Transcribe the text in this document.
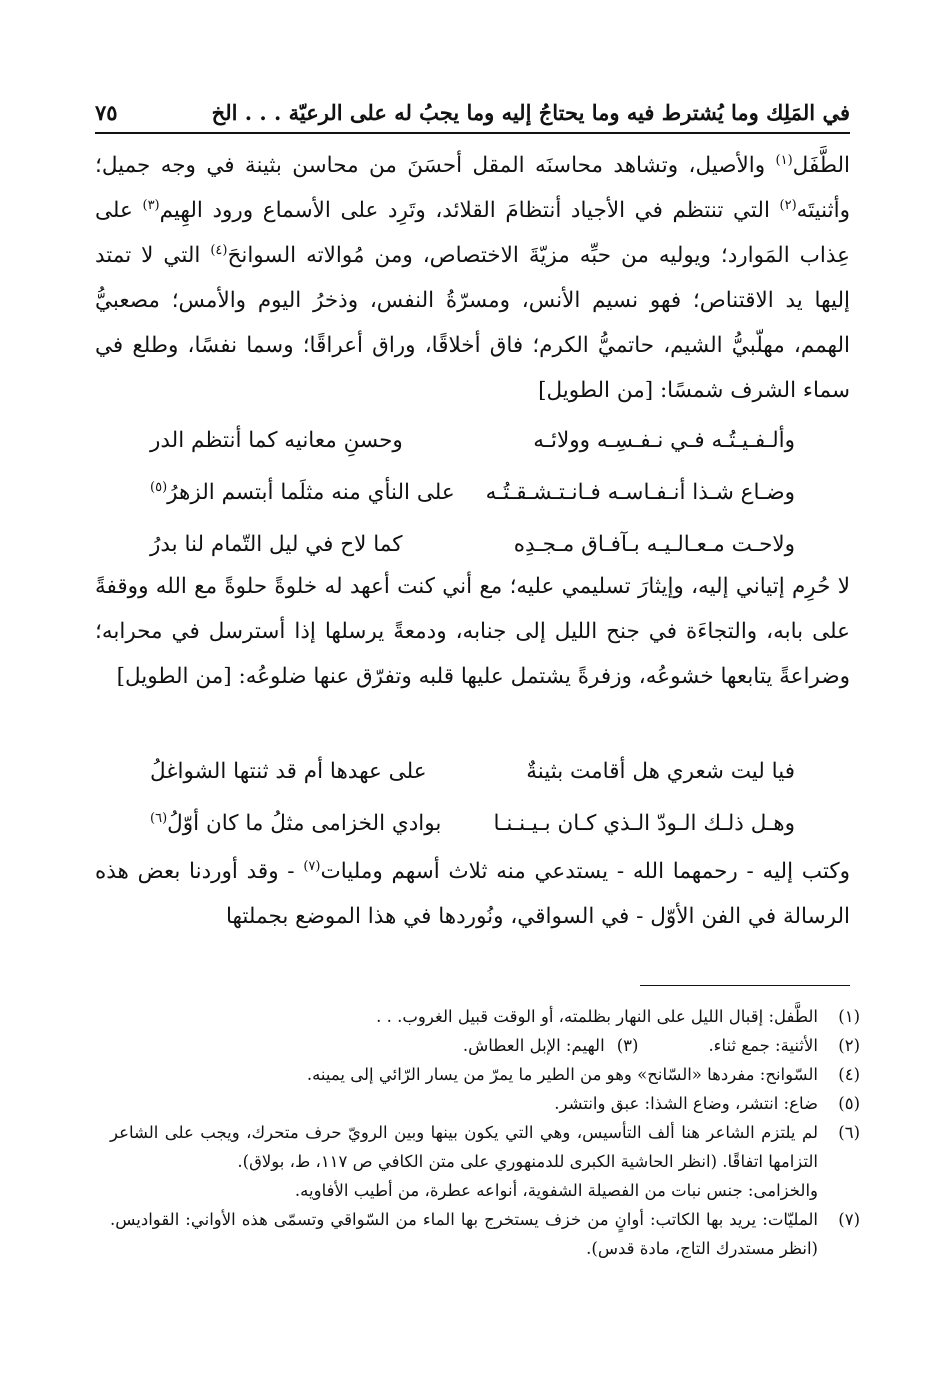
في المَلِك وما يُشترط فيه وما يحتاجُ إليه وما يجبُ له على الرعيّة . . . الخ
٧٥

الطَّفَل$^{(١)}$ والأصيل، وتشاهد محاسنَه المقل أحسَنَ من محاسن بثينة في وجه جميل؛ وأثنيتَه$^{(٢)}$ التي تنتظم في الأجياد أنتظامَ القلائد، وتَرِد على الأسماع ورود الهِيم$^{(٣)}$ على عِذاب المَوارد؛ ويوليه من حبِّه مزيّةَ الاختصاص، ومن مُوالاته السوانحَ$^{(٤)}$ التي لا تمتد إليها يد الاقتناص؛ فهو نسيم الأنس، ومسرّةُ النفس، وذخرُ اليوم والأمس؛ مصعبيُّ الهمم، مهلّبيُّ الشيم، حاتميُّ الكرم؛ فاق أخلاقًا، وراق أعراقًا؛ وسما نفسًا، وطلع في سماء الشرف شمسًا: [من الطويل]

وألـفـيـتُـه فـي نـفـسِـه وولائـه
وحسنِ معانيه كما أنتظم الدر
وضـاع شـذا أنـفـاسـه فـانـتـشـقـتُـه
على النأي منه مثلَما أبتسم الزهرُ$^{(٥)}$
ولاحـت مـعـالـيـه بـآفـاق مـجـدِه
كما لاح في ليل التّمام لنا بدرُ

لا حُرِم إتياني إليه، وإيثارَ تسليمي عليه؛ مع أني كنت أعهد له خلوةً حلوةً مع الله ووقفةً على بابه، والتجاءَة في جنح الليل إلى جنابه، ودمعةً يرسلها إذا أسترسل في محرابه؛ وضراعةً يتابعها خشوعُه، وزفرةً يشتمل عليها قلبه وتفرّق عنها ضلوعُه: [من الطويل]

فيا ليت شعري هل أقامت بثينةٌ
على عهدها أم قد ثنتها الشواغلُ
وهـل ذلـك الـودّ الـذي كـان بـيـنـنـا
بوادي الخزامى مثلُ ما كان أوّلُ$^{(٦)}$

وكتب إليه - رحمهما الله - يستدعي منه ثلاث أسهم ومليات$^{(٧)}$ - وقد أوردنا بعض هذه الرسالة في الفن الأوّل - في السواقي، ونُوردها في هذا الموضع بجملتها

(١)
الطَّفل: إقبال الليل على النهار بظلمته، أو الوقت قبيل الغروب. . .
(٢)
الأثنية: جمع ثناء.
(٣)
الهيم: الإبل العطاش.
(٤)
السّوانح: مفردها «السّانح» وهو من الطير ما يمرّ من يسار الرّائي إلى يمينه.
(٥)
ضاع: انتشر، وضاع الشذا: عبق وانتشر.
(٦)
لم يلتزم الشاعر هنا ألف التأسيس، وهي التي يكون بينها وبين الرويّ حرف متحرك، ويجب على الشاعر التزامها اتفاقًا. (انظر الحاشية الكبرى للدمنهوري على متن الكافي ص ١١٧، ط، بولاق).
والخزامى: جنس نبات من الفصيلة الشفوية، أنواعه عطرة، من أطيب الأفاويه.
(٧)
المليّات: يريد بها الكاتب: أوانٍ من خزف يستخرج بها الماء من السّواقي وتسمّى هذه الأواني: القواديس. (انظر مستدرك التاج، مادة قدس).
